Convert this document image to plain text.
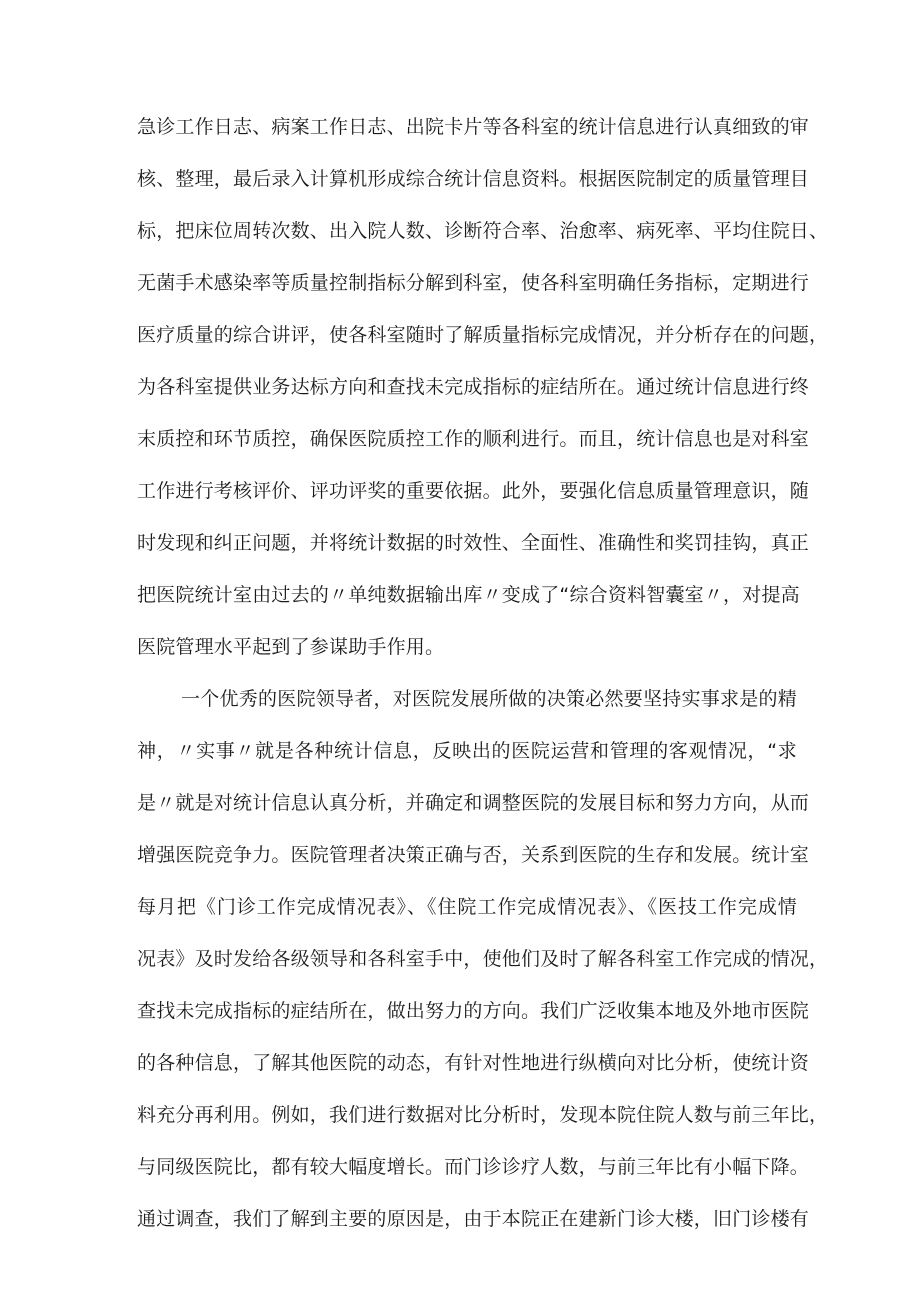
急诊工作日志、病案工作日志、出院卡片等各科室的统计信息进行认真细致的审
核、整理，最后录入计算机形成综合统计信息资料。根据医院制定的质量管理目
标，把床位周转次数、出入院人数、诊断符合率、治愈率、病死率、平均住院日、
无菌手术感染率等质量控制指标分解到科室，使各科室明确任务指标，定期进行
医疗质量的综合讲评，使各科室随时了解质量指标完成情况，并分析存在的问题，
为各科室提供业务达标方向和查找未完成指标的症结所在。通过统计信息进行终
末质控和环节质控，确保医院质控工作的顺利进行。而且，统计信息也是对科室
工作进行考核评价、评功评奖的重要依据。此外，要强化信息质量管理意识，随
时发现和纠正问题，并将统计数据的时效性、全面性、准确性和奖罚挂钩，真正
把医院统计室由过去的〃单纯数据输出库〃变成了“综合资料智囊室〃，对提高
医院管理水平起到了参谋助手作用。
一个优秀的医院领导者，对医院发展所做的决策必然要坚持实事求是的精
神，〃实事〃就是各种统计信息，反映出的医院运营和管理的客观情况，“求
是〃就是对统计信息认真分析，并确定和调整医院的发展目标和努力方向，从而
增强医院竞争力。医院管理者决策正确与否，关系到医院的生存和发展。统计室
每月把《门诊工作完成情况表》、《住院工作完成情况表》、《医技工作完成情
况表》及时发给各级领导和各科室手中，使他们及时了解各科室工作完成的情况，
查找未完成指标的症结所在，做出努力的方向。我们广泛收集本地及外地市医院
的各种信息，了解其他医院的动态，有针对性地进行纵横向对比分析，使统计资
料充分再利用。例如，我们进行数据对比分析时，发现本院住院人数与前三年比，
与同级医院比，都有较大幅度增长。而门诊诊疗人数，与前三年比有小幅下降。
通过调查，我们了解到主要的原因是，由于本院正在建新门诊大楼，旧门诊楼有
